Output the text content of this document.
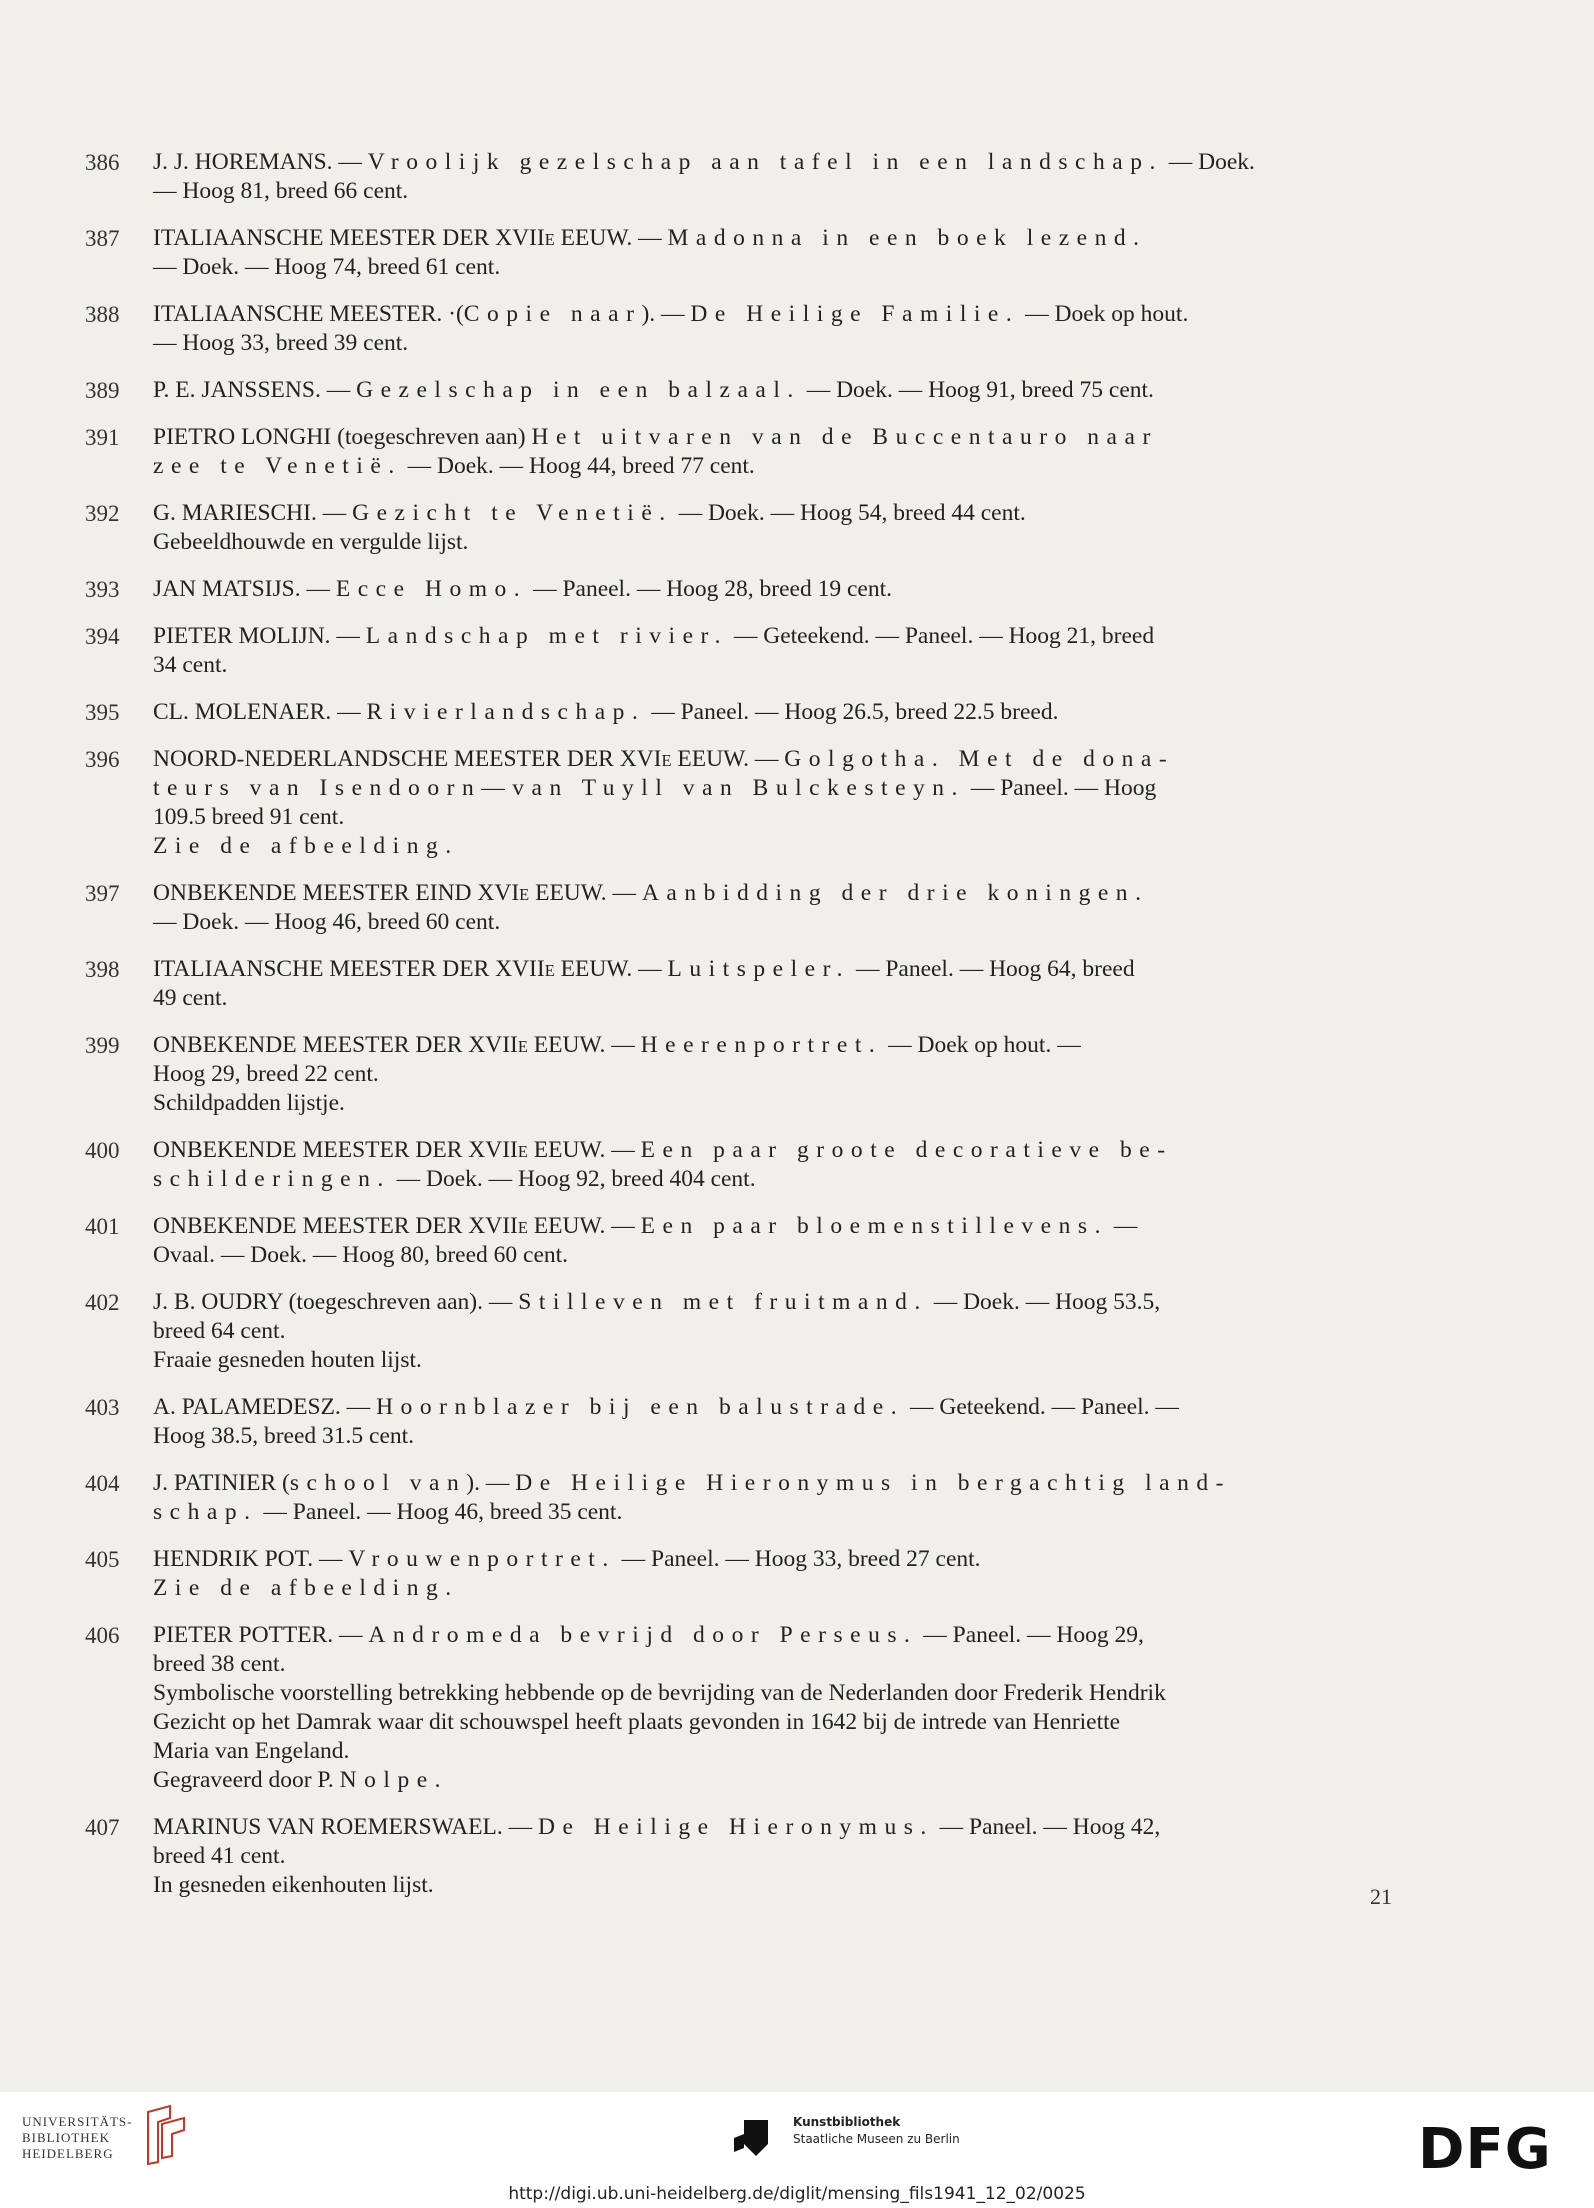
386	J. J. HOREMANS. — Vroolijk gezelschap aan tafel in een landschap. — Doek.
— Hoog 81, breed 66 cent.
387	ITALIAANSCHE MEESTER DER XVIIE EEUW. — Madonna in een boek lezend.
— Doek. — Hoog 74, breed 61 cent.
388	ITALIAANSCHE MEESTER. ·(Copie naar). — De Heilige Familie. — Doek op hout.
— Hoog 33, breed 39 cent.
389	P. E. JANSSENS. — Gezelschap in een balzaal. — Doek. — Hoog 91, breed 75 cent.
391	PIETRO LONGHI (toegeschreven aan) Het uitvaren van de Buccentauro naar
zee te Venetië. — Doek. — Hoog 44, breed 77 cent.
392	G. MARIESCHI. — Gezicht te Venetië. — Doek. — Hoog 54, breed 44 cent.
Gebeeldhouwde en vergulde lijst.
393	JAN MATSIJS. — Ecce Homo. — Paneel. — Hoog 28, breed 19 cent.
394	PIETER MOLIJN. — Landschap met rivier. — Geteekend. — Paneel. — Hoog 21, breed
34 cent.
395	CL. MOLENAER. — Rivierlandschap. — Paneel. — Hoog 26.5, breed 22.5 breed.
396	NOORD-NEDERLANDSCHE MEESTER DER XVIE EEUW. — Golgotha. Met de dona-
teurs van Isendoorn—van Tuyll van Bulckesteyn. — Paneel. — Hoog
109.5 breed 91 cent.
Zie de afbeelding.
397	ONBEKENDE MEESTER EIND XVIE EEUW. — Aanbidding der drie koningen.
— Doek. — Hoog 46, breed 60 cent.
398	ITALIAANSCHE MEESTER DER XVIIE EEUW. — Luitspeler. — Paneel. — Hoog 64, breed
49 cent.
399	ONBEKENDE MEESTER DER XVIIE EEUW. — Heerenportret. — Doek op hout. —
Hoog 29, breed 22 cent.
Schildpadden lijstje.
400	ONBEKENDE MEESTER DER XVIIE EEUW. — Een paar groote decoratieve be-
schilderingen. — Doek. — Hoog 92, breed 404 cent.
401	ONBEKENDE MEESTER DER XVIIE EEUW. — Een paar bloemenstillevens. —
Ovaal. — Doek. — Hoog 80, breed 60 cent.
402	J. B. OUDRY (toegeschreven aan). — Stilleven met fruitmand. — Doek. — Hoog 53.5,
breed 64 cent.
Fraaie gesneden houten lijst.
403	A. PALAMEDESZ. — Hoornblazer bij een balustrade. — Geteekend. — Paneel. —
Hoog 38.5, breed 31.5 cent.
404	J. PATINIER (school van). — De Heilige Hieronymus in bergachtig land-
schap. — Paneel. — Hoog 46, breed 35 cent.
405	HENDRIK POT. — Vrouwenportret. — Paneel. — Hoog 33, breed 27 cent.
Zie de afbeelding.
406	PIETER POTTER. — Andromeda bevrijd door Perseus. — Paneel. — Hoog 29,
breed 38 cent.
Symbolische voorstelling betrekking hebbende op de bevrijding van de Nederlanden door Frederik Hendrik
Gezicht op het Damrak waar dit schouwspel heeft plaats gevonden in 1642 bij de intrede van Henriette
Maria van Engeland.
Gegraveerd door P. Nolpe.
407	MARINUS VAN ROEMERSWAEL. — De Heilige Hieronymus. — Paneel. — Hoog 42,
breed 41 cent.
In gesneden eikenhouten lijst.	21
UNIVERSITÄTS-
BIBLIOTHEK
HEIDELBERG
Kunstbibliothek
Staatliche Museen zu Berlin	DFG
http://digi.ub.uni-heidelberg.de/diglit/mensing_fils1941_12_02/0025
